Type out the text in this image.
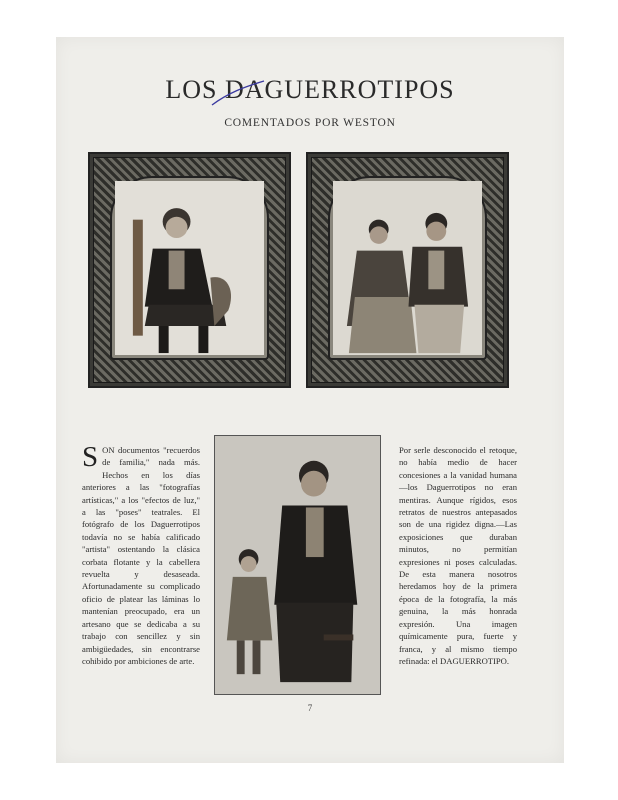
LOS DAGUERROTIPOS
COMENTADOS POR WESTON
SON documentos "recuerdos de familia," nada más. Hechos en los días anteriores a las "fotografías artísticas," a los "efectos de luz," a las "poses" teatrales. El fotógrafo de los Daguerrotipos todavía no se había calificado "artista" ostentando la clásica corbata flotante y la cabellera revuelta y desaseada. Afortunadamente su complicado oficio de platear las láminas lo mantenían preocupado, era un artesano que se dedicaba a su trabajo con sencillez y sin ambigüedades, sin encontrarse cohibido por ambiciones de arte.
Por serle desconocido el retoque, no había medio de hacer concesiones a la vanidad humana—los Daguerrotipos no eran mentiras. Aunque rígidos, esos retratos de nuestros antepasados son de una rigidez digna.—Las exposiciones que duraban minutos, no permitían expresiones ni poses calculadas. De esta manera nosotros heredamos hoy de la primera época de la fotografía, la más genuina, la más honrada expresión. Una imagen químicamente pura, fuerte y franca, y al mismo tiempo refinada: el DAGUERROTIPO.
7
